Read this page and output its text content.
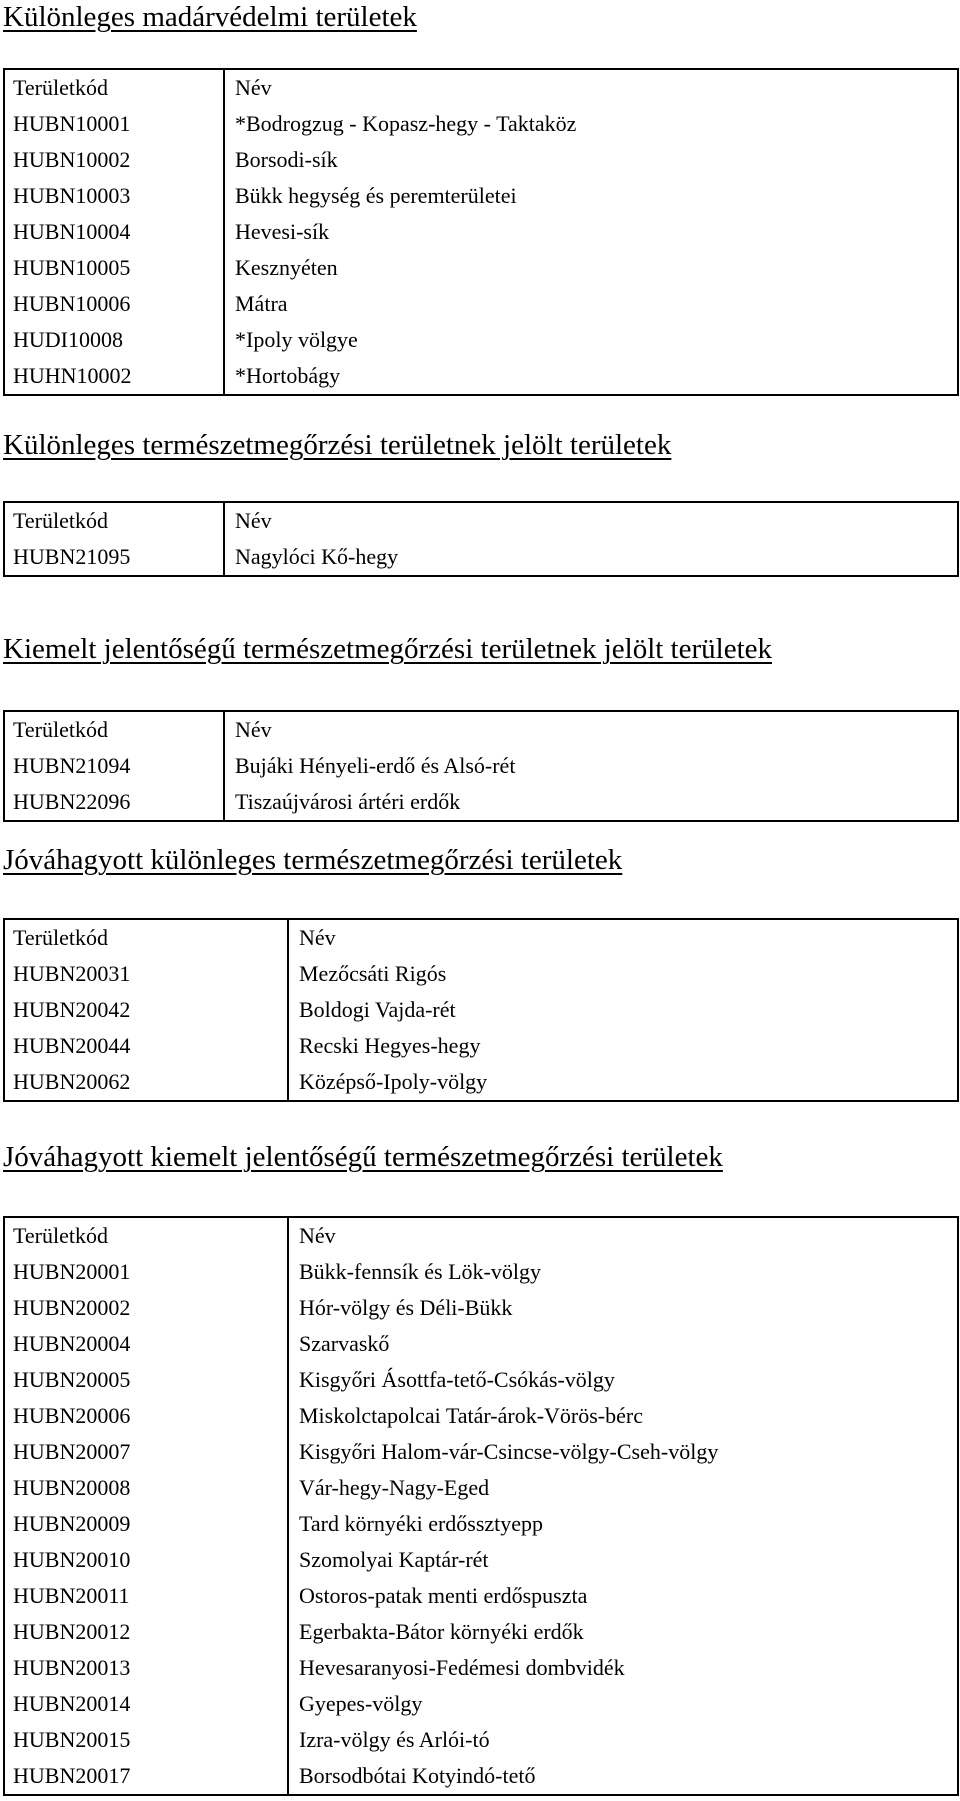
Különleges madárvédelmi területek
Területkód	Név
HUBN10001	*Bodrogzug - Kopasz-hegy - Taktaköz
HUBN10002	Borsodi-sík
HUBN10003	Bükk hegység és peremterületei
HUBN10004	Hevesi-sík
HUBN10005	Kesznyéten
HUBN10006	Mátra
HUDI10008	*Ipoly völgye
HUHN10002	*Hortobágy
Különleges természetmegőrzési területnek jelölt területek
Területkód	Név
HUBN21095	Nagylóci Kő-hegy
Kiemelt jelentőségű természetmegőrzési területnek jelölt területek
Területkód	Név
HUBN21094	Bujáki Hényeli-erdő és Alsó-rét
HUBN22096	Tiszaújvárosi ártéri erdők
Jóváhagyott különleges természetmegőrzési területek
Területkód	Név
HUBN20031	Mezőcsáti Rigós
HUBN20042	Boldogi Vajda-rét
HUBN20044	Recski Hegyes-hegy
HUBN20062	Középső-Ipoly-völgy
Jóváhagyott kiemelt jelentőségű természetmegőrzési területek
Területkód	Név
HUBN20001	Bükk-fennsík és Lök-völgy
HUBN20002	Hór-völgy és Déli-Bükk
HUBN20004	Szarvaskő
HUBN20005	Kisgyőri Ásottfa-tető-Csókás-völgy
HUBN20006	Miskolctapolcai Tatár-árok-Vörös-bérc
HUBN20007	Kisgyőri Halom-vár-Csincse-völgy-Cseh-völgy
HUBN20008	Vár-hegy-Nagy-Eged
HUBN20009	Tard környéki erdőssztyepp
HUBN20010	Szomolyai Kaptár-rét
HUBN20011	Ostoros-patak menti erdőspuszta
HUBN20012	Egerbakta-Bátor környéki erdők
HUBN20013	Hevesaranyosi-Fedémesi dombvidék
HUBN20014	Gyepes-völgy
HUBN20015	Izra-völgy és Arlói-tó
HUBN20017	Borsodbótai Kotyindó-tető
